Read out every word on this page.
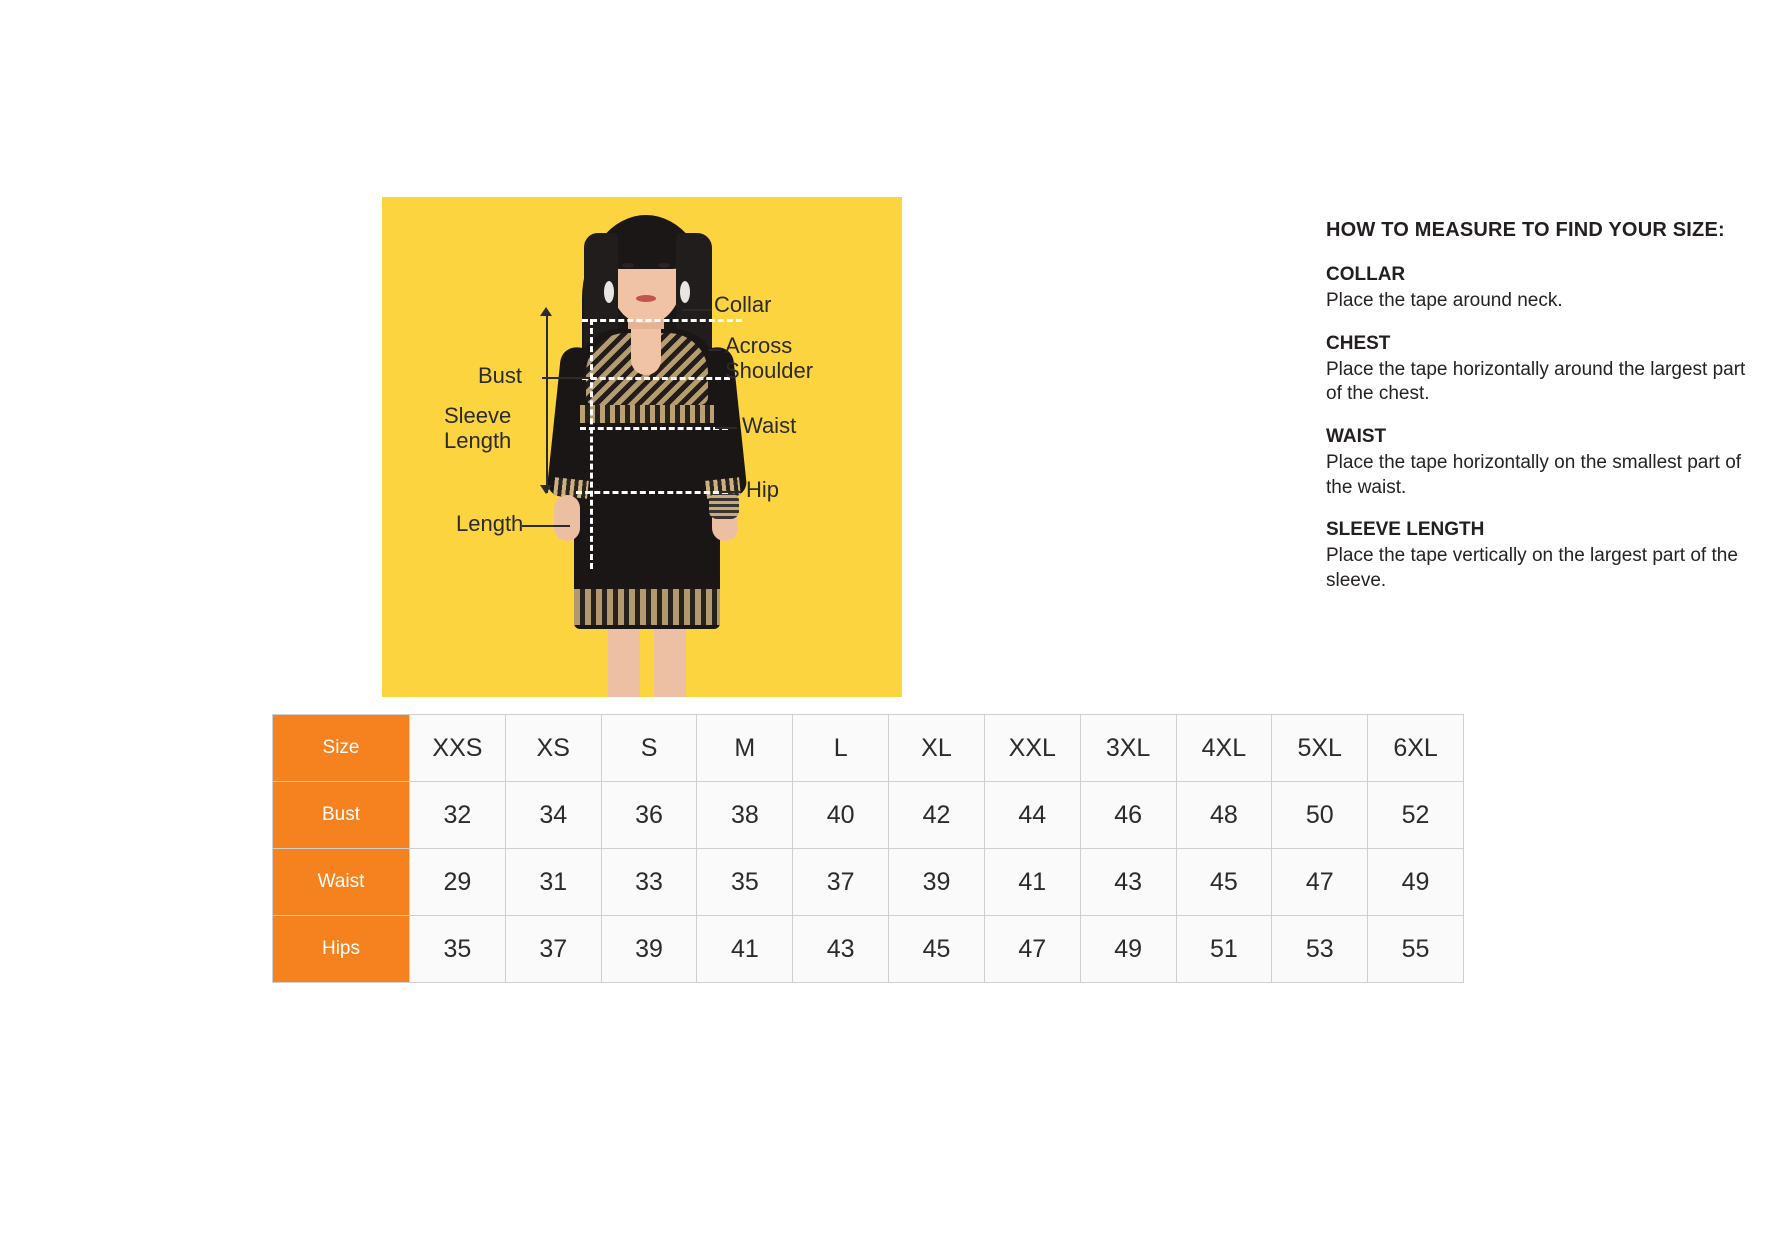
Collar
Across
Shoulder
Bust
Sleeve
Length
Waist
Hip
Length
HOW TO MEASURE TO FIND YOUR SIZE:
COLLAR
Place the tape around neck.
CHEST
Place the tape horizontally around the largest part of the chest.
WAIST
Place the tape horizontally on the smallest part of the waist.
SLEEVE LENGTH
Place the tape vertically on the largest part of the sleeve.
Size	XXS	XS	S	M	L	XL	XXL	3XL	4XL	5XL	6XL
Bust	32	34	36	38	40	42	44	46	48	50	52
Waist	29	31	33	35	37	39	41	43	45	47	49
Hips	35	37	39	41	43	45	47	49	51	53	55
